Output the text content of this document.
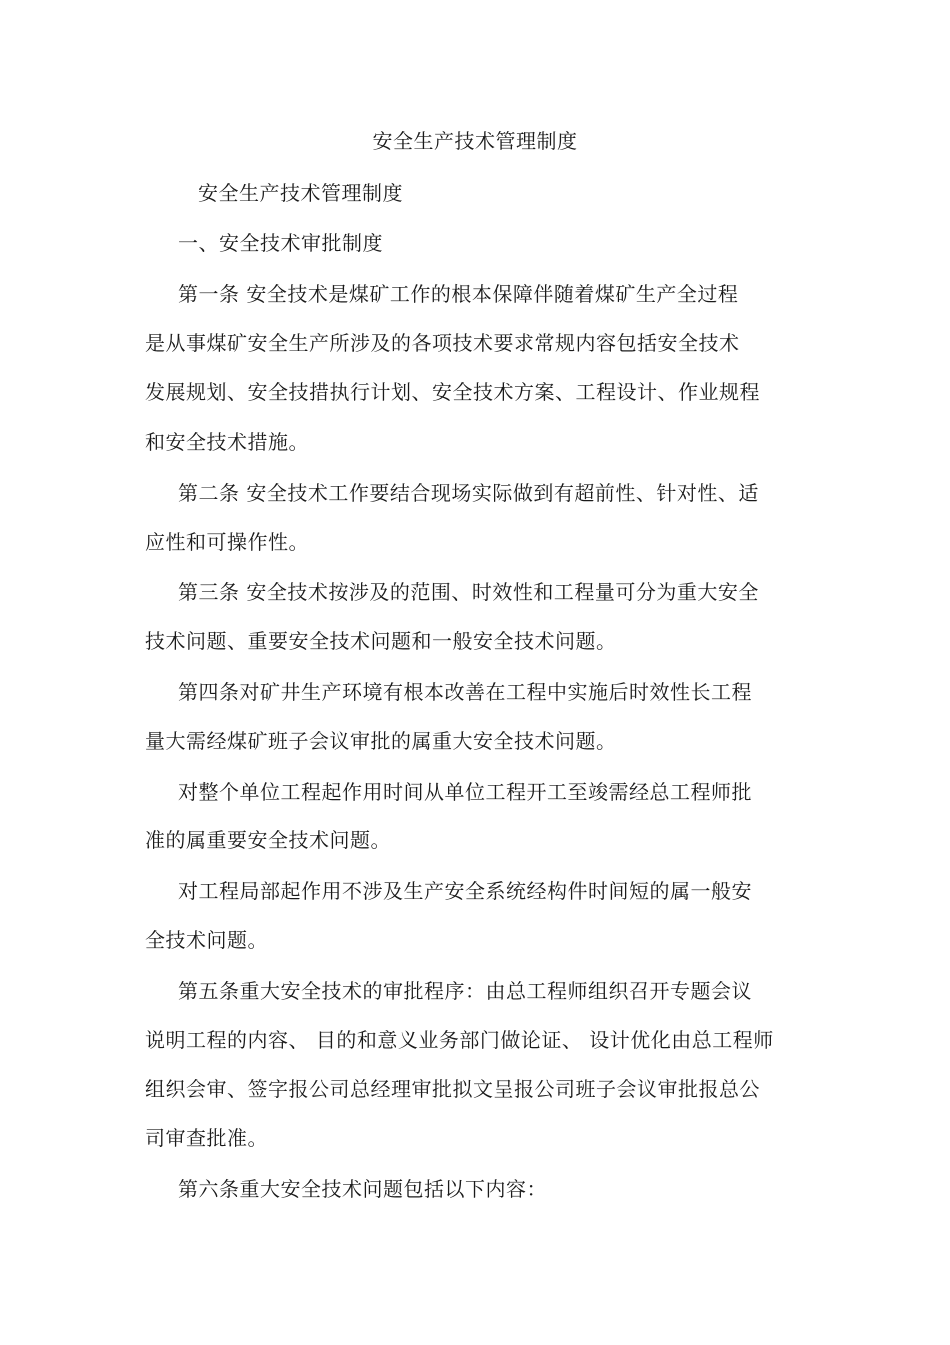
安全生产技术管理制度
安全生产技术管理制度
一、安全技术审批制度
第一条 安全技术是煤矿工作的根本保障伴随着煤矿生产全过程
是从事煤矿安全生产所涉及的各项技术要求常规内容包括安全技术
发展规划、安全技措执行计划、安全技术方案、工程设计、作业规程
和安全技术措施。
第二条 安全技术工作要结合现场实际做到有超前性、针对性、适
应性和可操作性。
第三条 安全技术按涉及的范围、时效性和工程量可分为重大安全
技术问题、重要安全技术问题和一般安全技术问题。
第四条对矿井生产环境有根本改善在工程中实施后时效性长工程
量大需经煤矿班子会议审批的属重大安全技术问题。
对整个单位工程起作用时间从单位工程开工至竣需经总工程师批
准的属重要安全技术问题。
对工程局部起作用不涉及生产安全系统经构件时间短的属一般安
全技术问题。
第五条重大安全技术的审批程序：由总工程师组织召开专题会议
说明工程的内容、 目的和意义业务部门做论证、 设计优化由总工程师
组织会审、签字报公司总经理审批拟文呈报公司班子会议审批报总公
司审查批准。
第六条重大安全技术问题包括以下内容：
